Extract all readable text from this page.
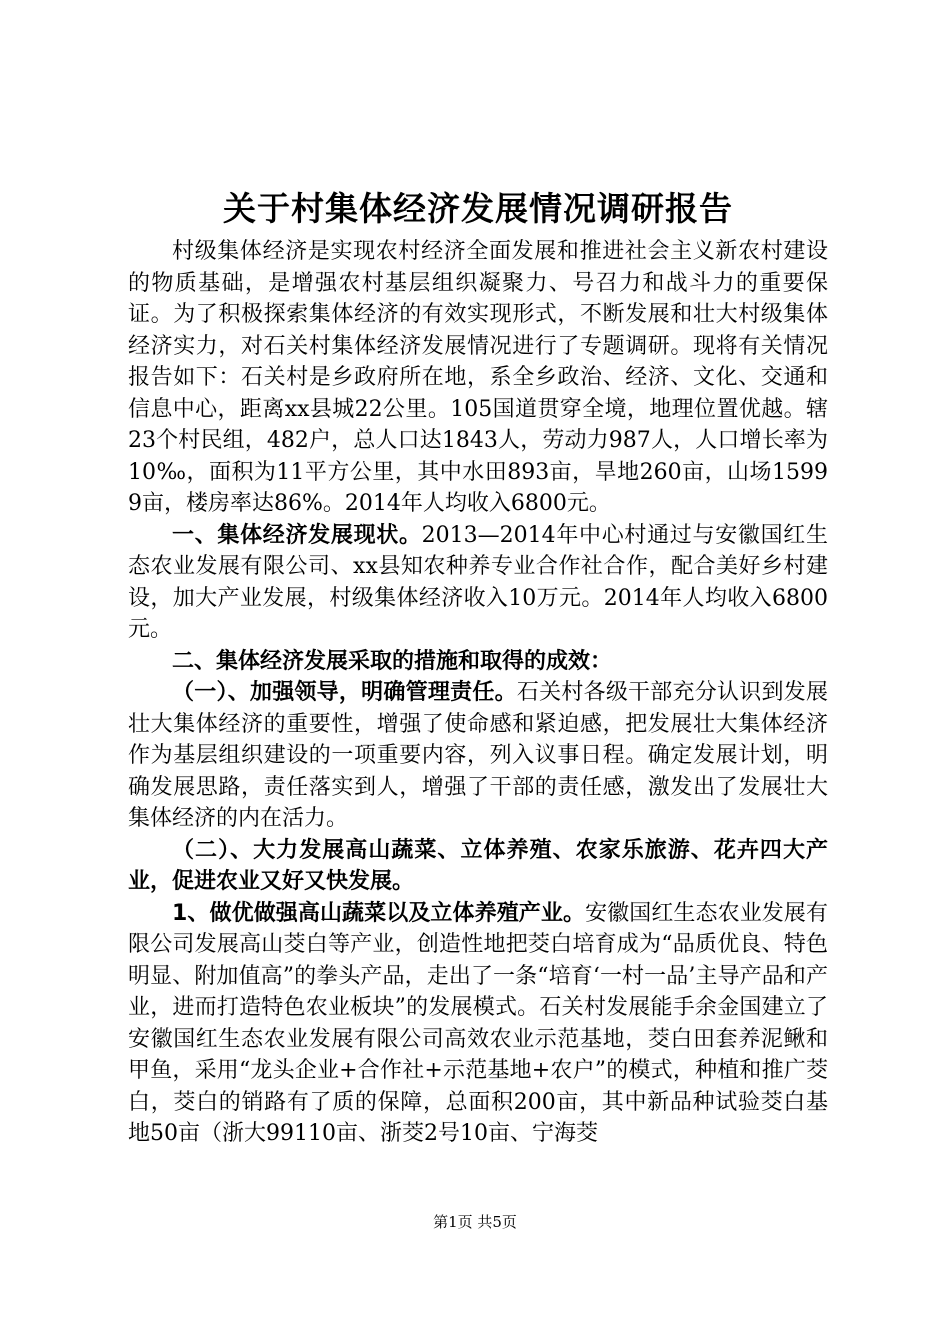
关于村集体经济发展情况调研报告

村级集体经济是实现农村经济全面发展和推进社会主义新农村建设的物质基础，是增强农村基层组织凝聚力、号召力和战斗力的重要保证。为了积极探索集体经济的有效实现形式，不断发展和壮大村级集体经济实力，对石关村集体经济发展情况进行了专题调研。现将有关情况报告如下：石关村是乡政府所在地，系全乡政治、经济、文化、交通和信息中心，距离xx县城22公里。105国道贯穿全境，地理位置优越。辖23个村民组，482户，总人口达1843人，劳动力987人，人口增长率为10‰，面积为11平方公里，其中水田893亩，旱地260亩，山场15999亩，楼房率达86%。2014年人均收入6800元。

一、集体经济发展现状。2013—2014年中心村通过与安徽国红生态农业发展有限公司、xx县知农种养专业合作社合作，配合美好乡村建设，加大产业发展，村级集体经济收入10万元。2014年人均收入6800元。

二、集体经济发展采取的措施和取得的成效：

（一）、加强领导，明确管理责任。石关村各级干部充分认识到发展壮大集体经济的重要性，增强了使命感和紧迫感，把发展壮大集体经济作为基层组织建设的一项重要内容，列入议事日程。确定发展计划，明确发展思路，责任落实到人，增强了干部的责任感，激发出了发展壮大集体经济的内在活力。

（二）、大力发展高山蔬菜、立体养殖、农家乐旅游、花卉四大产业，促进农业又好又快发展。

1、做优做强高山蔬菜以及立体养殖产业。安徽国红生态农业发展有限公司发展高山茭白等产业，创造性地把茭白培育成为“品质优良、特色明显、附加值高”的拳头产品，走出了一条“培育‘一村一品’主导产品和产业，进而打造特色农业板块”的发展模式。石关村发展能手余金国建立了安徽国红生态农业发展有限公司高效农业示范基地，茭白田套养泥鳅和甲鱼，采用“龙头企业+合作社+示范基地+农户”的模式，种植和推广茭白，茭白的销路有了质的保障，总面积200亩，其中新品种试验茭白基地50亩（浙大99110亩、浙茭2号10亩、宁海茭

第1页 共5页
